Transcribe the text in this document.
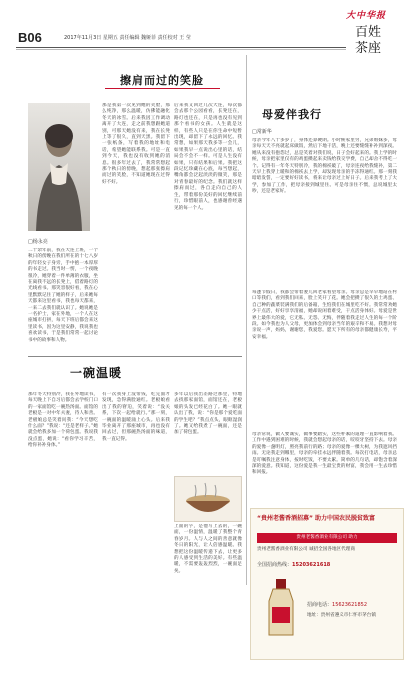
B06	2017年11月3日 星期五 责任编辑 魏娅菲 责任校对 王 莹
大中华报
百姓
茶座
擦肩而过的笑脸
□杨永亮
二十余年前，我在大连上班，一个秋日的傍晚在我们所在的十七八岁的年轻女子身旁，手中抱一本厚厚的书走过。我当时一愣，一个夜晚很冷，她穿着一件单薄的衣服，坐在离我不远的长凳上，借着路灯的光线看书。那笑容很好看，我在心里默默记住了她的样子，后来她每天都来这里看书，我也每天都来，一来二去我们就认识了。她说她是一名护士，家在外地，一个人在这座城市打拼，每天下班后都会来这里读书，因为这里安静，我说我也喜欢读书，于是我们常常一起讨论书中的故事和人物。
那是我第一次见到她的笑脸，那么纯净，那么温暖，仿佛能融化冬天的冰雪。后来我因工作调动离开了大连，走之前我想跟她道别，可那天她没有来，我在长凳上等了很久，直到天黑。我留下一张纸条，写着我的地址和电话，希望她能联系我。可是一直到今天，我也没有收到她的消息。很多年过去了，我常常想起那个秋日的傍晚，想起那张擦肩而过的笑脸，不知道她现在过得好不好。
后来我又回过几次大连，每次都会去那个公园看看，长凳还在，路灯也还在，只是再也没有见到那个看书的女孩。人生就是这样，有些人只是在你生命中短暂出现，却留下了永远的回忆。我常想，如果那天我多等一会儿，如果我早一点说出心里的话，结局会不会不一样。可是人生没有如果，只有结果和后果。我把这段记忆珍藏在心底，每当想起，嘴角都会泛起淡淡的微笑，那是对青春最好的纪念。我们就这样擦肩而过，各自走向自己的人生，带着那份美好的回忆继续前行，珍惜眼前人，也感谢曾经遇见的每一个人。
母爱伴我行
□常新华
母亲今年八十多岁了，身体还算硬朗。小时候家里穷，兄弟姐妹多，母亲每天天不亮就起床做饭，然后下地干活，晚上还要缝缝补补到深夜。她从来没有抱怨过，总是笑着对我们说，日子会好起来的。我上学的时候，母亲把家里仅有的鸡蛋攒起来卖钱给我交学费，自己却舍不得吃一个。记得有一年冬天特别冷，我的棉袄破了，母亲连夜给我缝补，第二天早上我穿上暖和的棉袄去上学，却发现母亲的手冻得通红。那一刻我暗暗发誓，一定要好好读书，将来让母亲过上好日子。后来我考上了大学，参加了工作，把母亲接到城里住。可是母亲住不惯，总说城里太吵，还是老家好。
每逢节假日，我都会带着妻儿回老家看望母亲。母亲总是早早地站在村口等我们，看到我们回来，脸上笑开了花。她会把攒了很久的土鸡蛋、自己种的蔬菜装满我们的后备箱，生怕我们在城里吃不好。我常常劝她少干点活，好好享享清福，她却说闲着难受，干点活身体好。母爱是世界上最伟大的爱，它无私、无怨、无悔，伴随着我走过人生的每一个阶段。如今我也为人父母，更加体会到母亲当年的艰辛和不易。我想对母亲说一声，妈妈，谢谢您，我爱您。愿天下所有的母亲都健康长寿，平安幸福。
母亲常说，做人要诚实，做事要踏实，这些朴素的道理一直影响着我。工作中遇到困难的时候，我就会想起母亲的话，咬咬牙坚持下去。母亲的爱像一盏明灯，照亮我前行的路；母亲的爱像一棵大树，为我遮风挡雨。无论我走到哪里，母亲的牵挂永远伴随着我。每次打电话，母亲总是叮嘱我注意身体，按时吃饭，不要太累。简单的几句话，却饱含着深深的爱意。我知道，这份爱是我一生最宝贵的财富，我会用一生去珍惜和回报。
一碗温暖
那年冬天特别冷，我在外地读书，每天晚上下自习后都会去学校门口的一家面馆吃一碗热汤面。面馆的老板是一对中年夫妻，待人和善。老板娘总是笑着问我：“今天想吃什么面？”我说：“还是老样子。”她就会给我多加一个荷包蛋。我说我没点蛋，她说：“看你学习辛苦，给你补补身体。”
有一次我身上没带钱，吃完面才发现，急得满脸通红。老板娘看出了我的窘迫，笑着说：“没关系，下次一起给就行。”那一刻，一碗面的温暖涌上心头。后来我毕业离开了那座城市，再也没有回去过，但那碗热汤面的味道，我一直记得。
多年以后我出差路过那里，特地去找那家面馆，面馆还在，老板娘的头发已经花白了。她一眼就认出了我，说：“你是那个爱吃面的学生吧？”我点点头，眼眶湿润了。她又给我煮了一碗面，还是加了荷包蛋。
上面的字，是他写上去的，一碗面，一份温情，温暖了我整个青春岁月。人与人之间的善意就像冬日的阳光，让人倍感温暖。我想把这份温暖传递下去，让更多的人感受到生活的美好。有些温暖，不需要轰轰烈烈，一碗面足矣。
“贵州老酱香酒招募” 助力中国农民脱贫致富
贵州老酱香酒业有限公司 助力
贵州老酱香酒业有限公司 诚招全国各地区代理商
全国招商热线：15203621618
招商电话：15623621852
地址：贵州省遵义市仁怀市茅台镇
